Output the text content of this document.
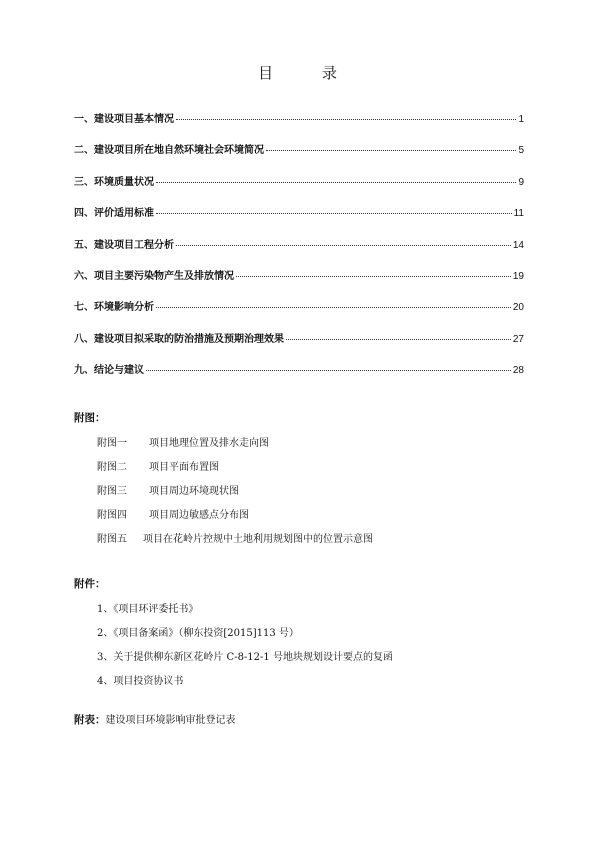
目 录
一、建设项目基本情况	1
二、建设项目所在地自然环境社会环境简况	5
三、环境质量状况	9
四、评价适用标准	11
五、建设项目工程分析	14
六、项目主要污染物产生及排放情况	19
七、环境影响分析	20
八、建设项目拟采取的防治措施及预期治理效果	27
九、结论与建议	28
附图：
附图一	项目地理位置及排水走向图
附图二	项目平面布置图
附图三	项目周边环境现状图
附图四	项目周边敏感点分布图
附图五	项目在花岭片控规中土地利用规划图中的位置示意图
附件：
1、《项目环评委托书》
2、《项目备案函》（柳东投资[2015]113 号）
3、关于提供柳东新区花岭片 C-8-12-1 号地块规划设计要点的复函
4、项目投资协议书
附表：建设项目环境影响审批登记表
